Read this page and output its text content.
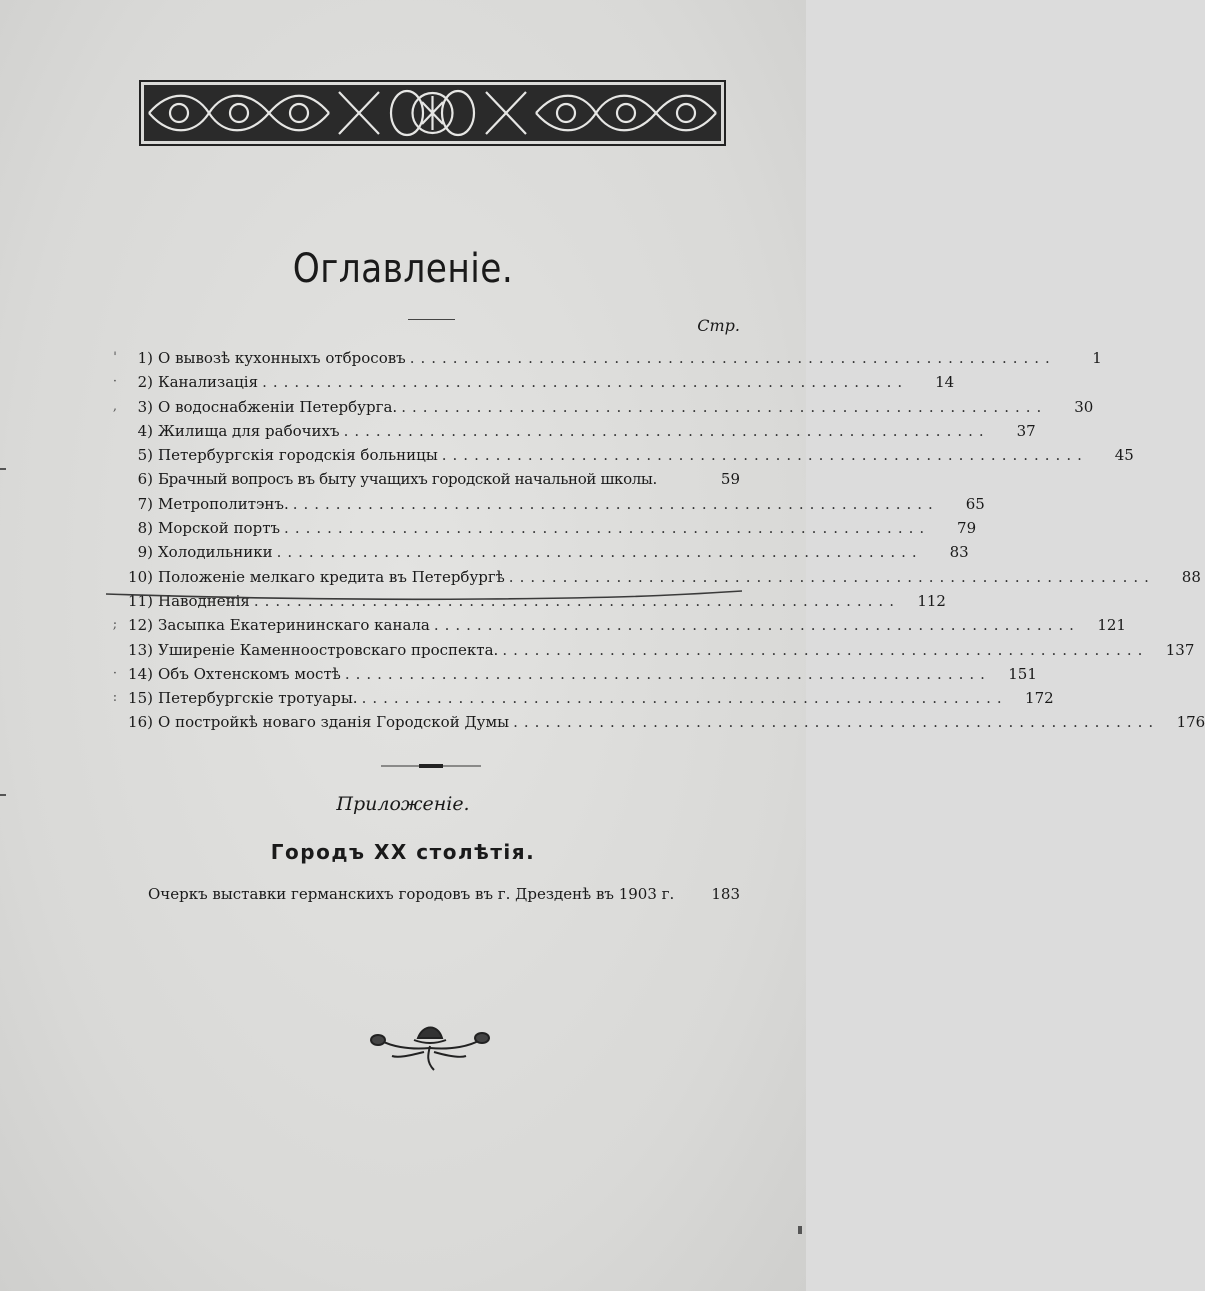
Оглавленiе.
Стр.
'	1) О вывозѣ кухонныхъ отбросовъ ............................................................	1
·	2) Канализацiя ............................................................	14
,	3) О водоснабженiи Петербурга. ............................................................	30
4) Жилища для рабочихъ ............................................................	37
5) Петербургскiя городскiя больницы ............................................................	45
6) Брачный вопросъ въ быту учащихъ городской начальной школы.	59
7) Метрополитэнъ. ............................................................	65
8) Морской портъ ............................................................	79
9) Холодильники ............................................................	83
10) Положенiе мелкаго кредита въ Петербургѣ ............................................................	88
11) Наводненiя ............................................................	112
; 12) Засыпка Екатерининскаго канала ............................................................	121
13) Уширенiе Каменноостровскаго проспекта. ............................................................	137
· 14) Объ Охтенскомъ мостѣ ............................................................	151
: 15) Петербургскiе тротуары. ............................................................	172
16) О постройкѣ новаго зданiя Городской Думы ............................................................	176
Приложенiе.
Городъ XX столѣтiя.
Очеркъ выставки германскихъ городовъ въ г. Дрезденѣ въ 1903 г. 183
